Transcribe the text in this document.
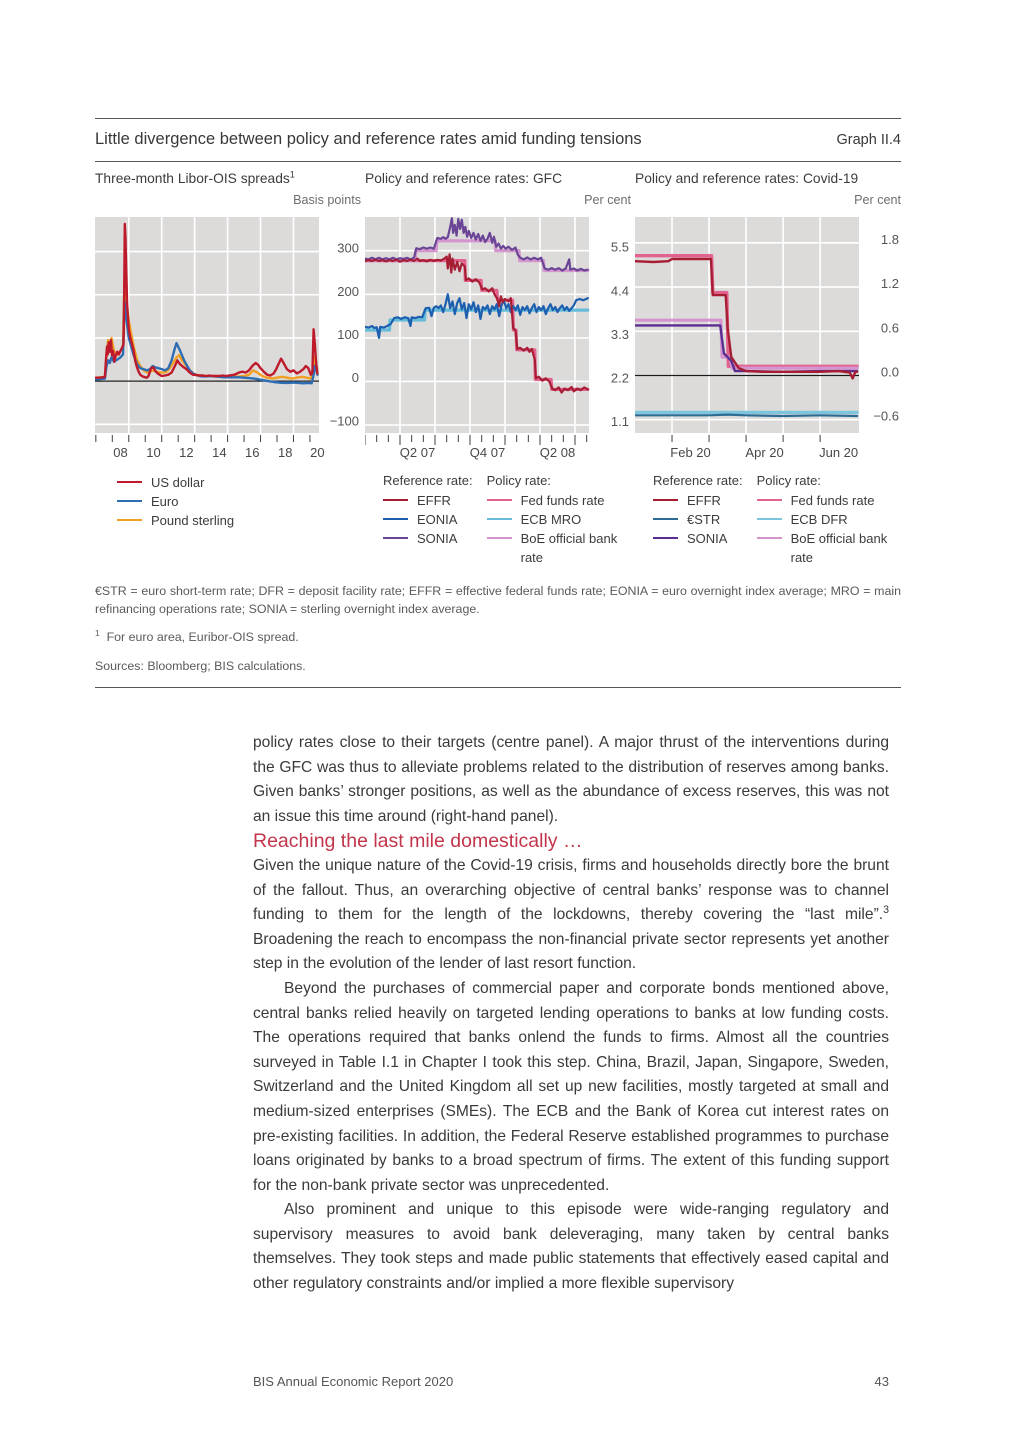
Little divergence between policy and reference rates amid funding tensions	Graph II.4
Three-month Libor-OIS spreads$^1$
Basis points
08 10 12 14 16 18 20
300
200
100
0
−100
US dollar
Euro
Pound sterling
Policy and reference rates: GFC
Per cent
Q2 07	Q4 07	Q2 08
5.5
4.4
3.3
2.2
1.1
Reference rate:
EFFR
EONIA
SONIA
Policy rate:
Fed funds rate
ECB MRO
BoE official bank rate
Policy and reference rates: Covid-19
Per cent
Feb 20	Apr 20	Jun 20
1.8
1.2
0.6
0.0
−0.6
Reference rate:
EFFR
€STR
SONIA
Policy rate:
Fed funds rate
ECB DFR
BoE official bank rate
€STR = euro short-term rate; DFR = deposit facility rate; EFFR = effective federal funds rate; EONIA = euro overnight index average; MRO = main refinancing operations rate; SONIA = sterling overnight index average.
$^1$ For euro area, Euribor-OIS spread.
Sources: Bloomberg; BIS calculations.

policy rates close to their targets (centre panel). A major thrust of the interventions during the GFC was thus to alleviate problems related to the distribution of reserves among banks. Given banks’ stronger positions, as well as the abundance of excess reserves, this was not an issue this time around (right-hand panel).

Reaching the last mile domestically …

Given the unique nature of the Covid-19 crisis, firms and households directly bore the brunt of the fallout. Thus, an overarching objective of central banks’ response was to channel funding to them for the length of the lockdowns, thereby covering the “last mile”.$^3$ Broadening the reach to encompass the non-financial private sector represents yet another step in the evolution of the lender of last resort function.

Beyond the purchases of commercial paper and corporate bonds mentioned above, central banks relied heavily on targeted lending operations to banks at low funding costs. The operations required that banks onlend the funds to firms. Almost all the countries surveyed in Table I.1 in Chapter I took this step. China, Brazil, Japan, Singapore, Sweden, Switzerland and the United Kingdom all set up new facilities, mostly targeted at small and medium-sized enterprises (SMEs). The ECB and the Bank of Korea cut interest rates on pre-existing facilities. In addition, the Federal Reserve established programmes to purchase loans originated by banks to a broad spectrum of firms. The extent of this funding support for the non-bank private sector was unprecedented.

Also prominent and unique to this episode were wide-ranging regulatory and supervisory measures to avoid bank deleveraging, many taken by central banks themselves. They took steps and made public statements that effectively eased capital and other regulatory constraints and/or implied a more flexible supervisory

BIS Annual Economic Report 2020	43
